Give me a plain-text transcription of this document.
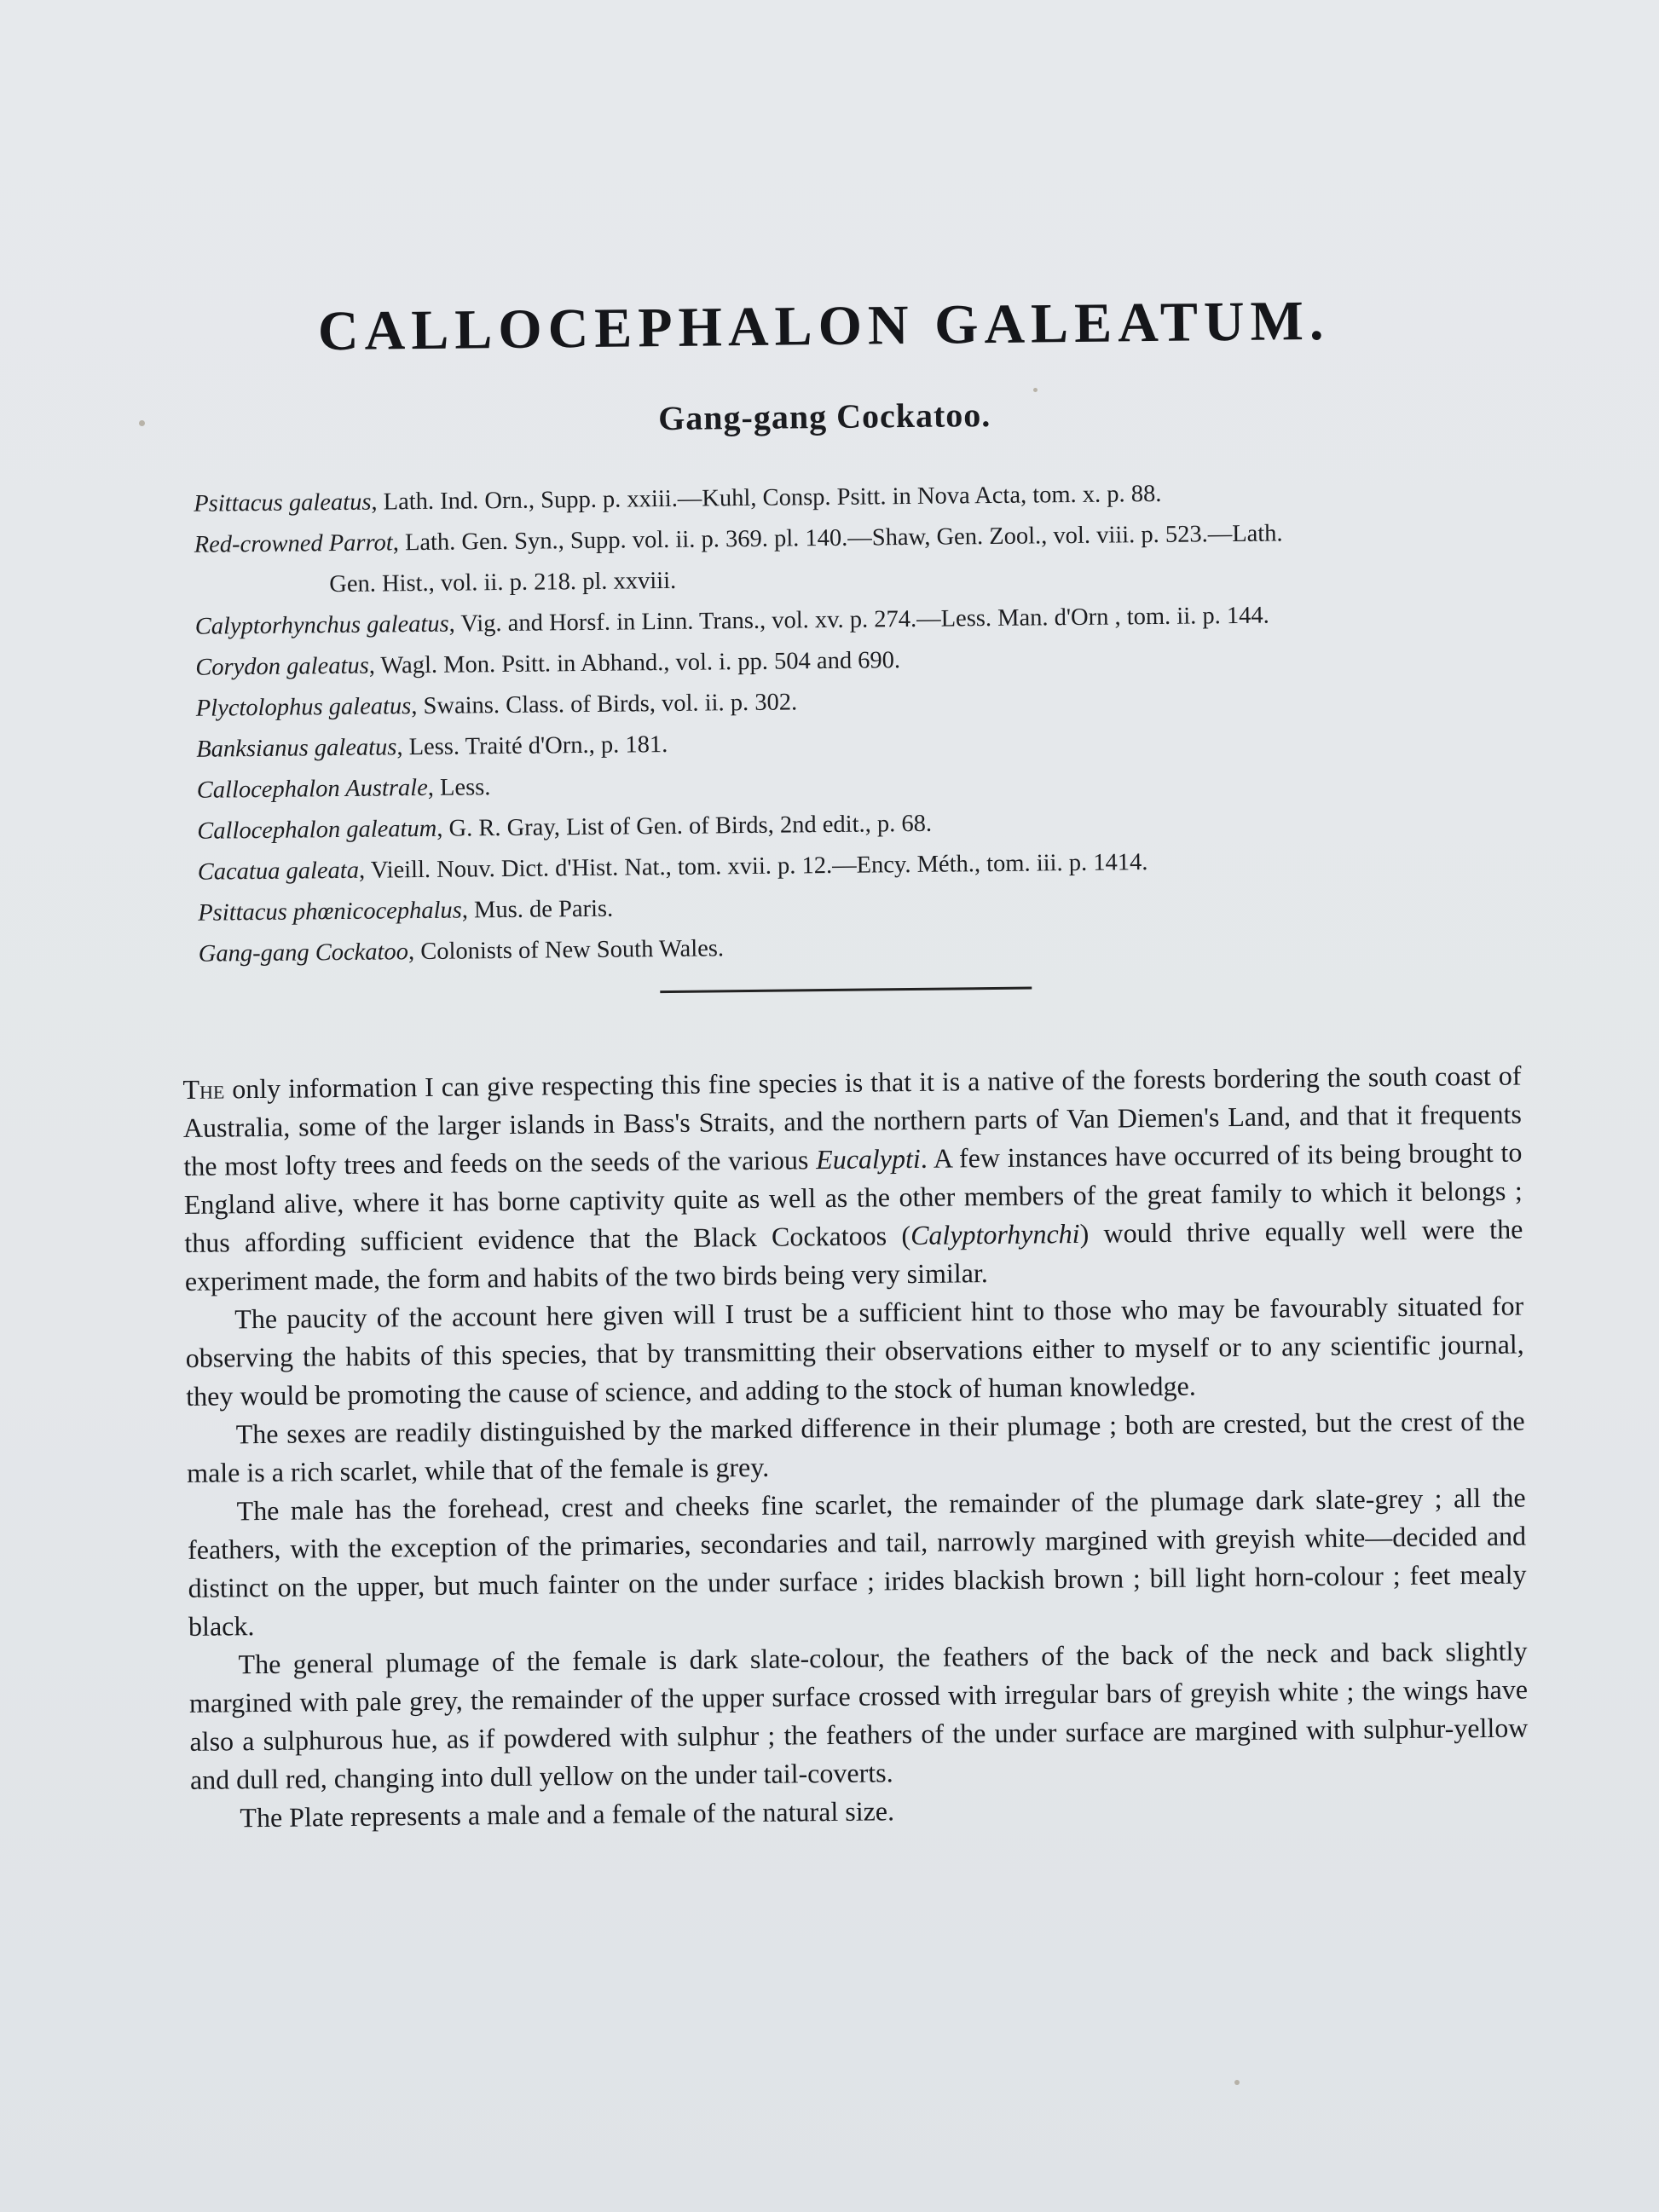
CALLOCEPHALON GALEATUM.
Gang-gang Cockatoo.
Psittacus galeatus, Lath. Ind. Orn., Supp. p. xxiii.—Kuhl, Consp. Psitt. in Nova Acta, tom. x. p. 88.
Red-crowned Parrot, Lath. Gen. Syn., Supp. vol. ii. p. 369. pl. 140.—Shaw, Gen. Zool., vol. viii. p. 523.—Lath.
Gen. Hist., vol. ii. p. 218. pl. xxviii.
Calyptorhynchus galeatus, Vig. and Horsf. in Linn. Trans., vol. xv. p. 274.—Less. Man. d'Orn , tom. ii. p. 144.
Corydon galeatus, Wagl. Mon. Psitt. in Abhand., vol. i. pp. 504 and 690.
Plyctolophus galeatus, Swains. Class. of Birds, vol. ii. p. 302.
Banksianus galeatus, Less. Traité d'Orn., p. 181.
Callocephalon Australe, Less.
Callocephalon galeatum, G. R. Gray, List of Gen. of Birds, 2nd edit., p. 68.
Cacatua galeata, Vieill. Nouv. Dict. d'Hist. Nat., tom. xvii. p. 12.—Ency. Méth., tom. iii. p. 1414.
Psittacus phœnicocephalus, Mus. de Paris.
Gang-gang Cockatoo, Colonists of New South Wales.

The only information I can give respecting this fine species is that it is a native of the forests bordering the south coast of Australia, some of the larger islands in Bass's Straits, and the northern parts of Van Diemen's Land, and that it frequents the most lofty trees and feeds on the seeds of the various Eucalypti. A few instances have occurred of its being brought to England alive, where it has borne captivity quite as well as the other members of the great family to which it belongs ; thus affording sufficient evidence that the Black Cockatoos (Calyptorhynchi) would thrive equally well were the experiment made, the form and habits of the two birds being very similar.

The paucity of the account here given will I trust be a sufficient hint to those who may be favourably situated for observing the habits of this species, that by transmitting their observations either to myself or to any scientific journal, they would be promoting the cause of science, and adding to the stock of human knowledge.

The sexes are readily distinguished by the marked difference in their plumage ; both are crested, but the crest of the male is a rich scarlet, while that of the female is grey.

The male has the forehead, crest and cheeks fine scarlet, the remainder of the plumage dark slate-grey ; all the feathers, with the exception of the primaries, secondaries and tail, narrowly margined with greyish white—decided and distinct on the upper, but much fainter on the under surface ; irides blackish brown ; bill light horn-colour ; feet mealy black.

The general plumage of the female is dark slate-colour, the feathers of the back of the neck and back slightly margined with pale grey, the remainder of the upper surface crossed with irregular bars of greyish white ; the wings have also a sulphurous hue, as if powdered with sulphur ; the feathers of the under surface are margined with sulphur-yellow and dull red, changing into dull yellow on the under tail-coverts.

The Plate represents a male and a female of the natural size.
